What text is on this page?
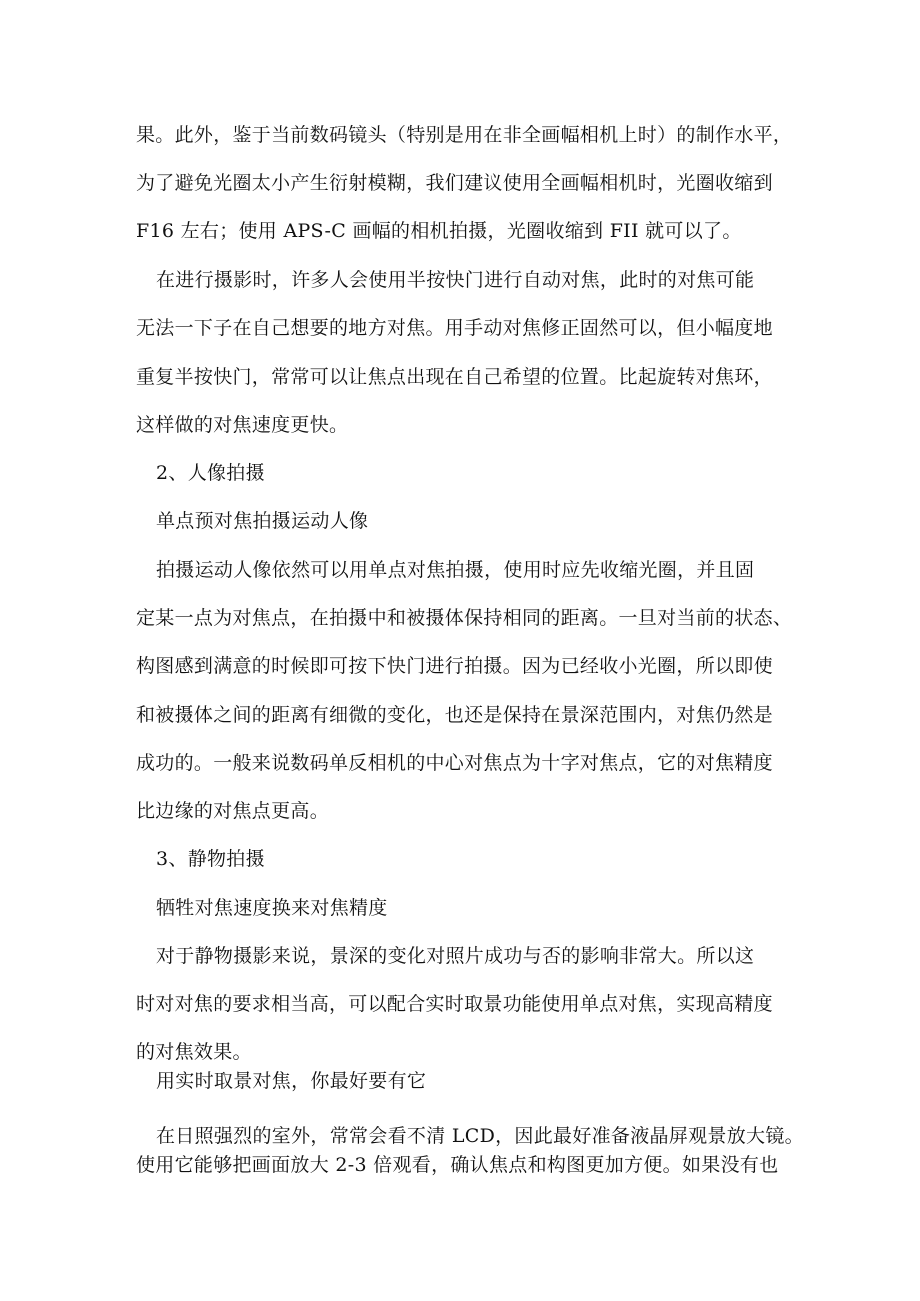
果。此外，鉴于当前数码镜头（特别是用在非全画幅相机上时）的制作水平，
为了避免光圈太小产生衍射模糊，我们建议使用全画幅相机时，光圈收缩到
F16 左右；使用 APS-C 画幅的相机拍摄，光圈收缩到 FII 就可以了。
在进行摄影时，许多人会使用半按快门进行自动对焦，此时的对焦可能
无法一下子在自己想要的地方对焦。用手动对焦修正固然可以，但小幅度地
重复半按快门，常常可以让焦点出现在自己希望的位置。比起旋转对焦环，
这样做的对焦速度更快。
2、人像拍摄
单点预对焦拍摄运动人像
拍摄运动人像依然可以用单点对焦拍摄，使用时应先收缩光圈，并且固
定某一点为对焦点，在拍摄中和被摄体保持相同的距离。一旦对当前的状态、
构图感到满意的时候即可按下快门进行拍摄。因为已经收小光圈，所以即使
和被摄体之间的距离有细微的变化，也还是保持在景深范围内，对焦仍然是
成功的。一般来说数码单反相机的中心对焦点为十字对焦点，它的对焦精度
比边缘的对焦点更高。
3、静物拍摄
牺牲对焦速度换来对焦精度
对于静物摄影来说，景深的变化对照片成功与否的影响非常大。所以这
时对对焦的要求相当高，可以配合实时取景功能使用单点对焦，实现高精度
的对焦效果。
用实时取景对焦，你最好要有它
在日照强烈的室外，常常会看不清 LCD，因此最好准备液晶屏观景放大镜。
使用它能够把画面放大 2-3 倍观看，确认焦点和构图更加方便。如果没有也
